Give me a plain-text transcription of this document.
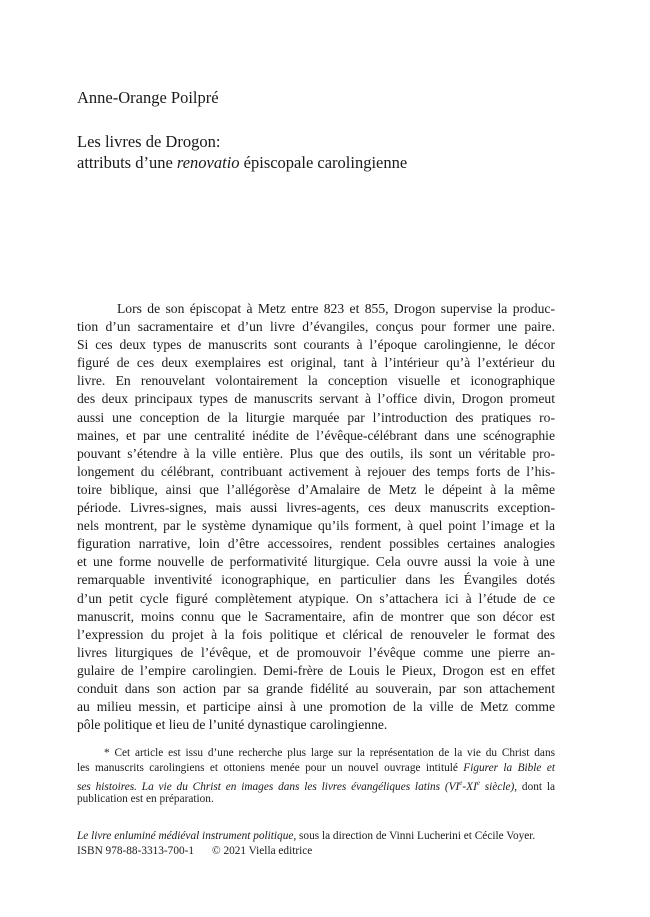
Anne-Orange Poilpré
Les livres de Drogon:
attributs d’une renovatio épiscopale carolingienne
Lors de son épiscopat à Metz entre 823 et 855, Drogon supervise la produc-
tion d’un sacramentaire et d’un livre d’évangiles, conçus pour former une paire.
Si ces deux types de manuscrits sont courants à l’époque carolingienne, le décor
figuré de ces deux exemplaires est original, tant à l’intérieur qu’à l’extérieur du
livre. En renouvelant volontairement la conception visuelle et iconographique
des deux principaux types de manuscrits servant à l’office divin, Drogon promeut
aussi une conception de la liturgie marquée par l’introduction des pratiques ro-
maines, et par une centralité inédite de l’évêque-célébrant dans une scénographie
pouvant s’étendre à la ville entière. Plus que des outils, ils sont un véritable pro-
longement du célébrant, contribuant activement à rejouer des temps forts de l’his-
toire biblique, ainsi que l’allégorèse d’Amalaire de Metz le dépeint à la même
période. Livres-signes, mais aussi livres-agents, ces deux manuscrits exception-
nels montrent, par le système dynamique qu’ils forment, à quel point l’image et la
figuration narrative, loin d’être accessoires, rendent possibles certaines analogies
et une forme nouvelle de performativité liturgique. Cela ouvre aussi la voie à une
remarquable inventivité iconographique, en particulier dans les Évangiles dotés
d’un petit cycle figuré complètement atypique. On s’attachera ici à l’étude de ce
manuscrit, moins connu que le Sacramentaire, afin de montrer que son décor est
l’expression du projet à la fois politique et clérical de renouveler le format des
livres liturgiques de l’évêque, et de promouvoir l’évêque comme une pierre an-
gulaire de l’empire carolingien. Demi-frère de Louis le Pieux, Drogon est en effet
conduit dans son action par sa grande fidélité au souverain, par son attachement
au milieu messin, et participe ainsi à une promotion de la ville de Metz comme
pôle politique et lieu de l’unité dynastique carolingienne.
* Cet article est issu d’une recherche plus large sur la représentation de la vie du Christ dans
les manuscrits carolingiens et ottoniens menée pour un nouvel ouvrage intitulé Figurer la Bible et
ses histoires. La vie du Christ en images dans les livres évangéliques latins (VIe-XIe siècle), dont la
publication est en préparation.
Le livre enluminé médiéval instrument politique, sous la direction de Vinni Lucherini et Cécile Voyer.
ISBN 978-88-3313-700-1 © 2021 Viella editrice
